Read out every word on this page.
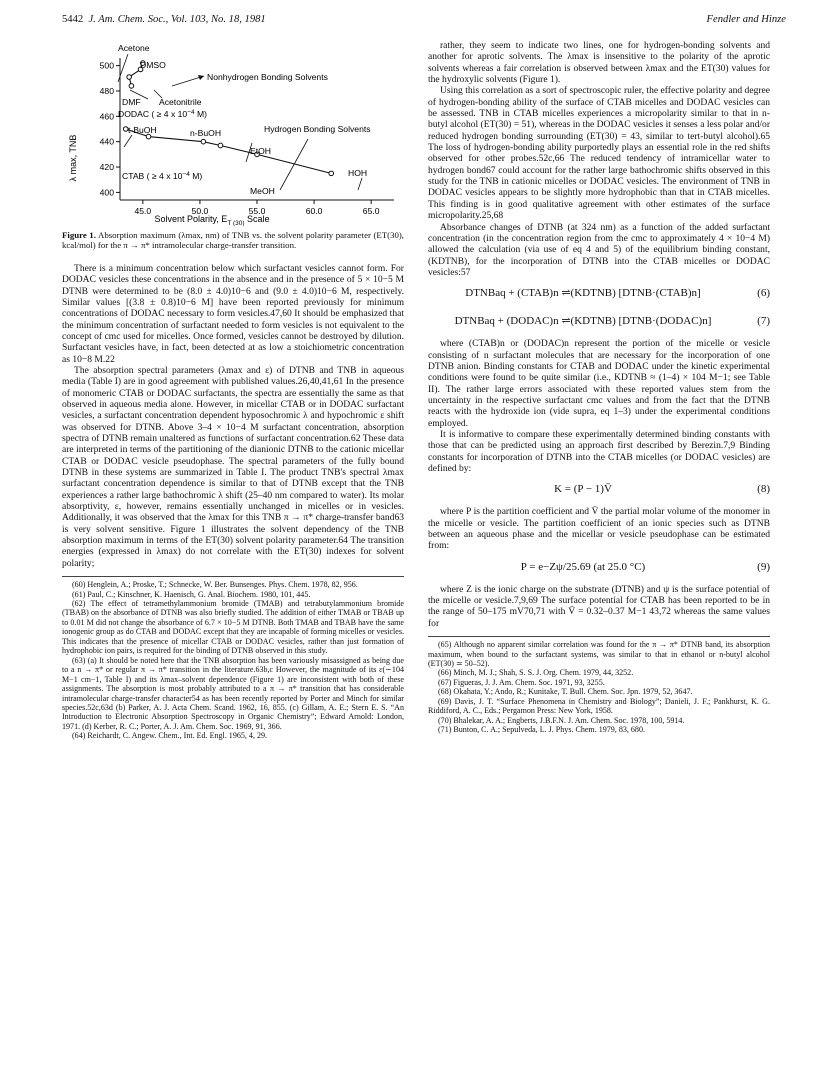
5442 J. Am. Chem. Soc., Vol. 103, No. 18, 1981	Fendler and Hinze
400
420
440
460
480
500
45.0	50.0	55.0	60.0	65.0
Solvent Polarity, $E_{T (30)}$ Scale
λ max, TNB
Acetone
DMSO
Nonhydrogen Bonding Solvents
DMF Acetonitrile
DODAC ( ≥ 4 x $10^{-4}$ M)
t-BuOH	n-BuOH	Hydrogen Bonding Solvents
EtOH
HOH
CTAB ( ≥ 4 x $10^{-4}$ M)
MeOH
Figure 1. Absorption maximum (λmax, nm) of TNB vs. the solvent polarity parameter (ET(30), kcal/mol) for the π → π* intramolecular charge-transfer transition.

There is a minimum concentration below which surfactant vesicles cannot form. For DODAC vesicles these concentrations in the absence and in the presence of 5 × 10−5 M DTNB were determined to be (8.0 ± 4.0)10−6 and (9.0 ± 4.0)10−6 M, respectively. Similar values [(3.8 ± 0.8)10−6 M] have been reported previously for minimum concentrations of DODAC necessary to form vesicles.47,60 It should be emphasized that the minimum concentration of surfactant needed to form vesicles is not equivalent to the concept of cmc used for micelles. Once formed, vesicles cannot be destroyed by dilution. Surfactant vesicles have, in fact, been detected at as low a stoichiometric concentration as 10−8 M.22

The absorption spectral parameters (λmax and ε) of DTNB and TNB in aqueous media (Table I) are in good agreement with published values.26,40,41,61 In the presence of monomeric CTAB or DODAC surfactants, the spectra are essentially the same as that observed in aqueous media alone. However, in micellar CTAB or in DODAC surfactant vesicles, a surfactant concentration dependent hyposochromic λ and hypochromic ε shift was observed for DTNB. Above 3–4 × 10−4 M surfactant concentration, absorption spectra of DTNB remain unaltered as functions of surfactant concentration.62 These data are interpreted in terms of the partitioning of the dianionic DTNB to the cationic micellar CTAB or DODAC vesicle pseudophase. The spectral parameters of the fully bound DTNB in these systems are summarized in Table I. The product TNB's spectral λmax surfactant concentration dependence is similar to that of DTNB except that the TNB experiences a rather large bathochromic λ shift (25–40 nm compared to water). Its molar absorptivity, ε, however, remains essentially unchanged in micelles or in vesicles. Additionally, it was observed that the λmax for this TNB π → π* charge-transfer band63 is very solvent sensitive. Figure 1 illustrates the solvent dependency of the TNB absorption maximum in terms of the ET(30) solvent polarity parameter.64 The transition energies (expressed in λmax) do not correlate with the ET(30) indexes for solvent polarity;

(60) Henglein, A.; Proske, T.; Schnecke, W. Ber. Bunsenges. Phys. Chem. 1978, 82, 956.

(61) Paul, C.; Kinschner, K. Haenisch, G. Anal. Biochem. 1980, 101, 445.

(62) The effect of tetramethylammonium bromide (TMAB) and tetrabutylammonium bromide (TBAB) on the absorbance of DTNB was also briefly studied. The addition of either TMAB or TBAB up to 0.01 M did not change the absorbance of 6.7 × 10−5 M DTNB. Both TMAB and TBAB have the same ionogenic group as do CTAB and DODAC except that they are incapable of forming micelles or vesicles. This indicates that the presence of micellar CTAB or DODAC vesicles, rather than just formation of hydrophobic ion pairs, is required for the binding of DTNB observed in this study.

(63) (a) It should be noted here that the TNB absorption has been variously misassigned as being due to a n → π* or regular π → π* transition in the literature.63b,c However, the magnitude of its ε(∼104 M−1 cm−1, Table I) and its λmax–solvent dependence (Figure 1) are inconsistent with both of these assignments. The absorption is most probably attributed to a π → π* transition that has considerable intramolecular charge-transfer character54 as has been recently reported by Porter and Minch for similar species.52c,63d (b) Parker, A. J. Acta Chem. Scand. 1962, 16, 855. (c) Gillam, A. E.; Stern E. S. “An Introduction to Electronic Absorption Spectroscopy in Organic Chemistry”; Edward Arnold: London, 1971. (d) Kerber, R. C.; Porter, A. J. Am. Chem. Soc. 1969, 91, 366.

(64) Reichardt, C. Angew. Chem., Int. Ed. Engl. 1965, 4, 29.

rather, they seem to indicate two lines, one for hydrogen-bonding solvents and another for aprotic solvents. The λmax is insensitive to the polarity of the aprotic solvents whereas a fair correlation is observed between λmax and the ET(30) values for the hydroxylic solvents (Figure 1).

Using this correlation as a sort of spectroscopic ruler, the effective polarity and degree of hydrogen-bonding ability of the surface of CTAB micelles and DODAC vesicles can be assessed. TNB in CTAB micelles experiences a micropolarity similar to that in n-butyl alcohol (ET(30) = 51), whereas in the DODAC vesicles it senses a less polar and/or reduced hydrogen bonding surrounding (ET(30) = 43, similar to tert-butyl alcohol).65 The loss of hydrogen-bonding ability purportedly plays an essential role in the red shifts observed for other probes.52c,66 The reduced tendency of intramicellar water to hydrogen bond67 could account for the rather large bathochromic shifts observed in this study for the TNB in cationic micelles or DODAC vesicles. The environment of TNB in DODAC vesicles appears to be slightly more hydrophobic than that in CTAB micelles. This finding is in good qualitative agreement with other estimates of the surface micropolarity.25,68

Absorbance changes of DTNB (at 324 nm) as a function of the added surfactant concentration (in the concentration region from the cmc to approximately 4 × 10−4 M) allowed the calculation (via use of eq 4 and 5) of the equilibrium binding constant, (KDTNB), for the incorporation of DTNB into the CTAB micelles or DODAC vesicles:57

DTNBaq + (CTAB)n ⇌(KDTNB) [DTNB·(CTAB)n]	(6)
DTNBaq + (DODAC)n ⇌(KDTNB) [DTNB·(DODAC)n]	(7)

where (CTAB)n or (DODAC)n represent the portion of the micelle or vesicle consisting of n surfactant molecules that are necessary for the incorporation of one DTNB anion. Binding constants for CTAB and DODAC under the kinetic experimental conditions were found to be quite similar (i.e., KDTNB ≈ (1–4) × 104 M−1; see Table II). The rather large errors associated with these reported values stem from the uncertainty in the respective surfactant cmc values and from the fact that the DTNB reacts with the hydroxide ion (vide supra, eq 1–3) under the experimental conditions employed.

It is informative to compare these experimentally determined binding constants with those that can be predicted using an approach first described by Berezin.7,9 Binding constants for incorporation of DTNB into the CTAB micelles (or DODAC vesicles) are defined by:

K = (P − 1)V̄	(8)

where P is the partition coefficient and V̄ the partial molar volume of the monomer in the micelle or vesicle. The partition coefficient of an ionic species such as DTNB between an aqueous phase and the micellar or vesicle pseudophase can be estimated from:

P = e−Zψ/25.69 (at 25.0 °C)	(9)

where Z is the ionic charge on the substrate (DTNB) and ψ is the surface potential of the micelle or vesicle.7,9,69 The surface potential for CTAB has been reported to be in the range of 50–175 mV70,71 with V̄ = 0.32–0.37 M−1 43,72 whereas the same values for

(65) Although no apparent similar correlation was found for the π → π* DTNB band, its absorption maximum, when bound to the surfactant systems, was similar to that in ethanol or n-butyl alcohol (ET(30) ≃ 50–52).

(66) Minch, M. J.; Shah, S. S. J. Org. Chem. 1979, 44, 3252.

(67) Figueras, J. J. Am. Chem. Soc. 1971, 93, 3255.

(68) Okahata, Y.; Ando, R.; Kunitake, T. Bull. Chem. Soc. Jpn. 1979, 52, 3647.

(69) Davis, J. T. “Surface Phenomena in Chemistry and Biology”; Danieli, J. F.; Pankhurst, K. G. Riddiford, A. C., Eds.; Pergamon Press: New York, 1958.

(70) Bhalekar, A. A.; Engberts, J.B.F.N. J. Am. Chem. Soc. 1978, 100, 5914.

(71) Bunton, C. A.; Sepulveda, L. J. Phys. Chem. 1979, 83, 680.
